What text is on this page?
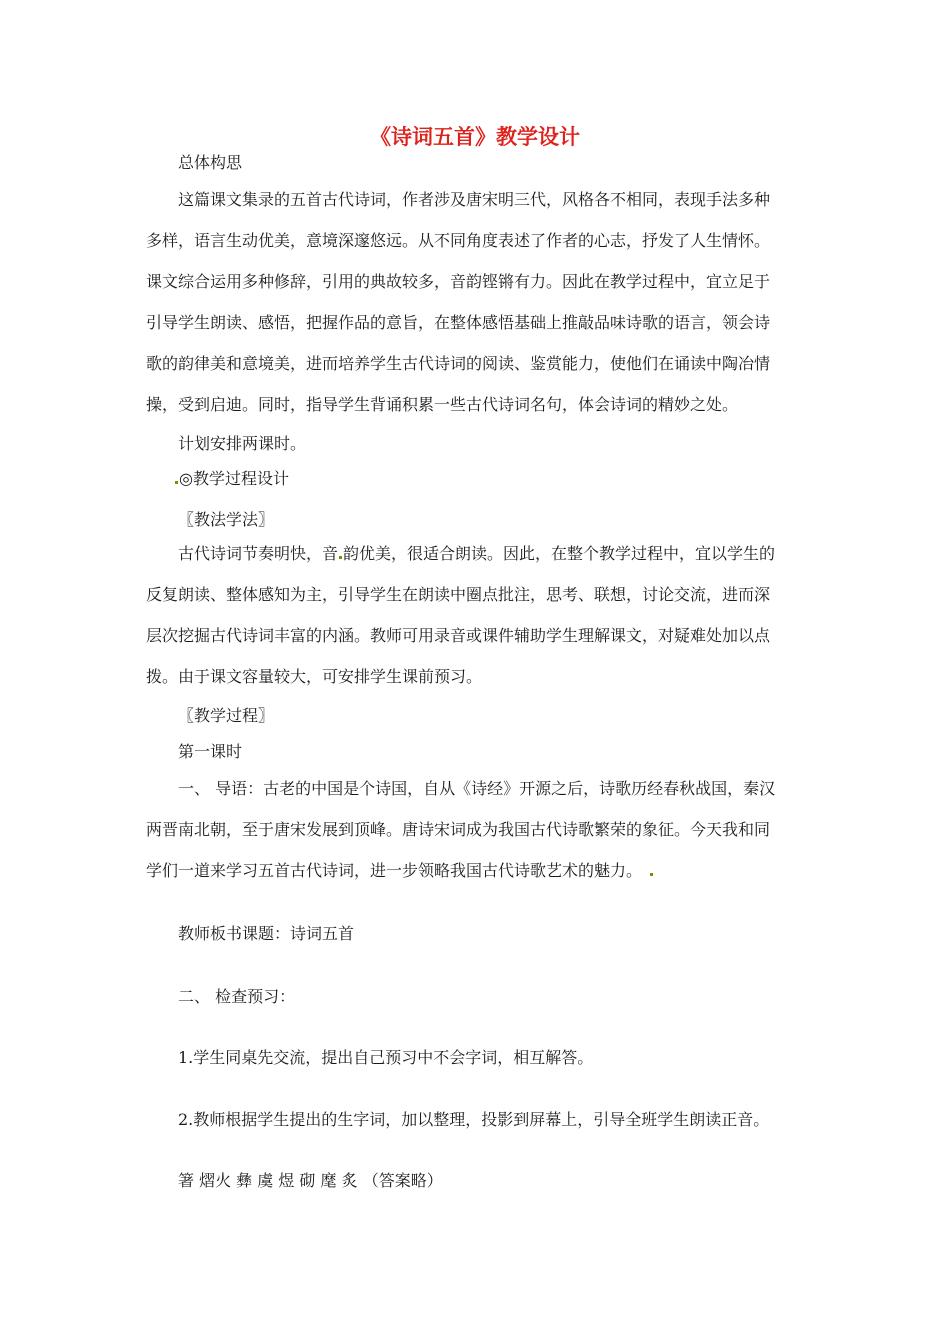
《诗词五首》教学设计

总体构思

这篇课文集录的五首古代诗词，作者涉及唐宋明三代，风格各不相同，表现手法多种

多样，语言生动优美，意境深邃悠远。从不同角度表述了作者的心志，抒发了人生情怀。

课文综合运用多种修辞，引用的典故较多，音韵铿锵有力。因此在教学过程中，宜立足于

引导学生朗读、感悟，把握作品的意旨，在整体感悟基础上推敲品味诗歌的语言，领会诗

歌的韵律美和意境美，进而培养学生古代诗词的阅读、鉴赏能力，使他们在诵读中陶冶情

操，受到启迪。同时，指导学生背诵积累一些古代诗词名句，体会诗词的精妙之处。

计划安排两课时。

◎教学过程设计

〖教法学法〗

古代诗词节奏明快，音 韵优美，很适合朗读。因此，在整个教学过程中，宜以学生的

反复朗读、整体感知为主，引导学生在朗读中圈点批注，思考、联想，讨论交流，进而深

层次挖掘古代诗词丰富的内涵。教师可用录音或课件辅助学生理解课文，对疑难处加以点

拨。由于课文容量较大，可安排学生课前预习。

〖教学过程〗

第一课时

一、 导语：古老的中国是个诗国，自从《诗经》开源之后，诗歌历经春秋战国，秦汉

两晋南北朝，至于唐宋发展到顶峰。唐诗宋词成为我国古代诗歌繁荣的象征。今天我和同

学们一道来学习五首古代诗词，进一步领略我国古代诗歌艺术的魅力。

教师板书课题：诗词五首

二、 检查预习：

1.学生同桌先交流，提出自己预习中不会字词，相互解答。

2.教师根据学生提出的生字词，加以整理，投影到屏幕上，引导全班学生朗读正音。

箸 熠火 彝 虞 煜 砌 麾 炙 （答案略）
